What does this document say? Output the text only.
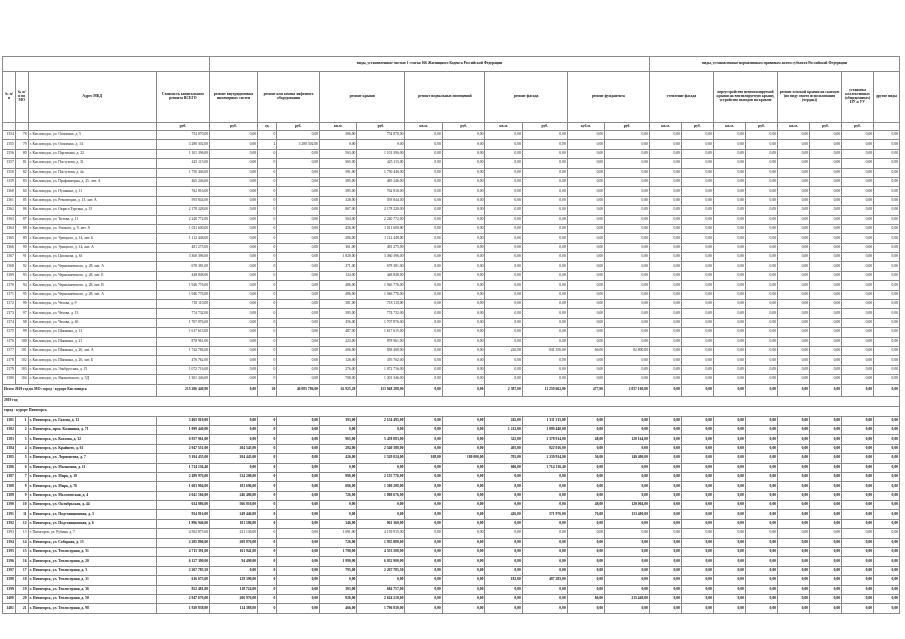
				виды, установленные частью 1 статьи 166 Жилищного Кодекса Российской Федерации											виды, установленные нормативным правовым актом субъекта Российской Федерации							
№ п/п	№ п/п по МО	Адрес МКД	Стоимость капитального ремонта ВСЕГО	ремонт внутридомовых инженерных систем	ремонт или замена лифтового оборудования		ремонт крыши		ремонт подвальных помещений		ремонт фасада		ремонт фундамента		утепление фасада		переустройство невентилируемой крыши на вентилируемую крышу, устройство выходов на кровлю		ремонт плоской крыши на скатную (по виду своего использования (чердак))		установка коллективных (общедомовых) ПУ и УУ	другие виды
			руб.	руб.	ед.	руб.	кв.м.	руб.	кв.м.	руб.	кв.м.	руб.	куб.м.	руб.	кв.м.	руб.	кв.м.	руб.	кв.м.	руб.	руб.	
1354	78	г. Кисловодск, ул. Осипенко, д. 5	754 870,00	0,00	0	0,00	386,00	754 870,00	0,00	0,00	0,00	0,00	0,00	0,00	0,00	0,00	0,00	0,00	0,00	0,00	0,00	0,00
1355	79	г. Кисловодск, ул. Осипенко, д. 14	3 280 302,00	0,00	2	3 280 302,00	0,00	0,00	0,00	0,00	0,00	0,00	0,00	0,00	0,00	0,00	0,00	0,00	0,00	0,00	0,00	0,00
1356	80	г. Кисловодск, ул. Партизана, д. 22	1 101 396,00	0,00	0	0,00	563,00	1 101 396,00	0,00	0,00	0,00	0,00	0,00	0,00	0,00	0,00	0,00	0,00	0,00	0,00	0,00	0,00
1357	81	г. Кисловодск, ул. Пастухова, д. 31	425 115,00	0,00	0	0,00	365,00	425 115,00	0,00	0,00	0,00	0,00	0,00	0,00	0,00	0,00	0,00	0,00	0,00	0,00	0,00	0,00
1358	82	г. Кисловодск, ул. Пастухова, д. 4а	1 750 446,00	0,00	0	0,00	591,00	1 750 446,00	0,00	0,00	0,00	0,00	0,00	0,00	0,00	0,00	0,00	0,00	0,00	0,00	0,00	0,00
1359	83	г. Кисловодск, ул. Профинтерна, д. 25, лит. А	465 246,00	0,00	0	0,00	385,00	465 246,00	0,00	0,00	0,00	0,00	0,00	0,00	0,00	0,00	0,00	0,00	0,00	0,00	0,00	0,00
1360	84	г. Кисловодск, ул. Пушкина, д. 11	762 816,00	0,00	0	0,00	385,00	762 816,00	0,00	0,00	0,00	0,00	0,00	0,00	0,00	0,00	0,00	0,00	0,00	0,00	0,00	0,00
1361	85	г. Кисловодск, ул. Революции, д. 13, лит. А	593 844,00	0,00	0	0,00	328,00	593 844,00	0,00	0,00	0,00	0,00	0,00	0,00	0,00	0,00	0,00	0,00	0,00	0,00	0,00	0,00
1362	86	г. Кисловодск, ул. Окраса Тургана, д. 15	2 178 228,00	0,00	0	0,00	867,00	2 178 228,00	0,00	0,00	0,00	0,00	0,00	0,00	0,00	0,00	0,00	0,00	0,00	0,00	0,00	0,00
1363	87	г. Кисловодск, ул. Титова, д. 11	2 240 772,00	0,00	0	0,00	564,00	2 240 772,00	0,00	0,00	0,00	0,00	0,00	0,00	0,00	0,00	0,00	0,00	0,00	0,00	0,00	0,00
1364	88	г. Кисловодск, ул. Умского, д. 9, лит. А	1 011 600,00	0,00	0	0,00	456,00	1 011 600,00	0,00	0,00	0,00	0,00	0,00	0,00	0,00	0,00	0,00	0,00	0,00	0,00	0,00	0,00
1365	89	г. Кисловодск, ул. Урицкого, д. 14, лит. Б	1 112 448,00	0,00	0	0,00	286,00	1 112 448,00	0,00	0,00	0,00	0,00	0,00	0,00	0,00	0,00	0,00	0,00	0,00	0,00	0,00	0,00
1366	90	г. Кисловодск, ул. Урицкого, д. 14, лит. А	481 275,00	0,00	0	0,00	361,00	481 275,00	0,00	0,00	0,00	0,00	0,00	0,00	0,00	0,00	0,00	0,00	0,00	0,00	0,00	0,00
1367	91	г. Кисловодск, ул. Циолкова, д. 61	3 360 396,00	0,00	0	0,00	1 828,00	3 360 396,00	0,00	0,00	0,00	0,00	0,00	0,00	0,00	0,00	0,00	0,00	0,00	0,00	0,00	0,00
1368	92	г. Кисловодск, ул. Чернышевского, д. 28, лит. А	678 381,00	0,00	0	0,00	271,00	678 381,00	0,00	0,00	0,00	0,00	0,00	0,00	0,00	0,00	0,00	0,00	0,00	0,00	0,00	0,00
1369	93	г. Кисловодск, ул. Чернышевского, д. 28, лит. Е	448 848,00	0,00	0	0,00	124,00	448 848,00	0,00	0,00	0,00	0,00	0,00	0,00	0,00	0,00	0,00	0,00	0,00	0,00	0,00	0,00
1370	94	г. Кисловодск, ул. Чернышевского, д. 28, лит. В	1 946 776,00	0,00	0	0,00	486,00	1 946 776,00	0,00	0,00	0,00	0,00	0,00	0,00	0,00	0,00	0,00	0,00	0,00	0,00	0,00	0,00
1371	95	г. Кисловодск, ул. Чернышевского, д. 28, лит. А	1 946 776,00	0,00	0	0,00	486,00	1 946 776,00	0,00	0,00	0,00	0,00	0,00	0,00	0,00	0,00	0,00	0,00	0,00	0,00	0,00	0,00
1372	96	г. Кисловодск, ул. Чехова, д. 9	718 110,00	0,00	0	0,00	381,00	718 110,00	0,00	0,00	0,00	0,00	0,00	0,00	0,00	0,00	0,00	0,00	0,00	0,00	0,00	0,00
1373	97	г. Кисловодск, ул. Чехова, д. 13	774 732,00	0,00	0	0,00	395,00	774 732,00	0,00	0,00	0,00	0,00	0,00	0,00	0,00	0,00	0,00	0,00	0,00	0,00	0,00	0,00
1374	98	г. Кисловодск, ул. Чехова, д. 46	1 707 876,00	0,00	0	0,00	456,00	1 707 876,00	0,00	0,00	0,00	0,00	0,00	0,00	0,00	0,00	0,00	0,00	0,00	0,00	0,00	0,00
1375	99	г. Кисловодск, ул. Шапкина, д. 13	1 617 615,00	0,00	0	0,00	487,00	1 617 615,00	0,00	0,00	0,00	0,00	0,00	0,00	0,00	0,00	0,00	0,00	0,00	0,00	0,00	0,00
1376	100	г. Кисловодск, ул. Шапкина, д. 21	878 961,00	0,00	0	0,00	223,00	878 961,00	0,00	0,00	0,00	0,00	0,00	0,00	0,00	0,00	0,00	0,00	0,00	0,00	0,00	0,00
1377	101	г. Кисловодск, ул. Шапкина, д. 26, лит. А	1 742 784,00	0,00	0	0,00	206,00	858 408,00	0,00	0,00	226,00	841 356,00	66,00	82 800,00	0,00	0,00	0,00	0,00	0,00	0,00	0,00	0,00
1378	102	г. Кисловодск, ул. Шапкина, д. 26, лит. Б	476 762,00	0,00	0	0,00	126,00	476 762,00	0,00	0,00	0,00	0,00	0,00	0,00	0,00	0,00	0,00	0,00	0,00	0,00	0,00	0,00
1379	103	г. Кисловодск, ул. Эльбрусская, д. 15	1 072 716,00	0,00	0	0,00	276,00	1 072 716,00	0,00	0,00	0,00	0,00	0,00	0,00	0,00	0,00	0,00	0,00	0,00	0,00	0,00	0,00
1380	104	г. Кисловодск, ул. Яношевского, д. 5Д	1 301 346,00	0,00	0	0,00	708,00	1 301 346,00	0,00	0,00	0,00	0,00	0,00	0,00	0,00	0,00	0,00	0,00	0,00	0,00	0,00	0,00
Итого 2019 год по МО: город - курорт Кисловодск			215 286 440,90	0,00	20	46 085 786,00	62 925,28	153 948 288,90	0,00	0,00	2 387,00	11 259 662,00	477,00	2 057 160,00	0,00	0,00	0,00	0,00	0,00	0,00	0,00	0,00
2019 год																						
город - курорт Пятигорск																						
1381	1	г. Пятигорск, ул. Галена, д. 12	3 465 810,00	0,00	0	0,00	393,00	2 154 495,00	0,00	0,00	245,00	1 311 315,00	0,00	0,00	0,00	0,00	0,00	0,00	0,00	0,00	0,00	0,00
1382	2	г. Пятигорск, прсп. Калинина, д. 71	1 099 440,00	0,00	0	0,00	0,00	0,00	0,00	0,00	1 212,00	1 099 440,00	0,00	0,00	0,00	0,00	0,00	0,00	0,00	0,00	0,00	0,00
1383	3	г. Пятигорск, ул. Козлова, д. 32	6 957 961,00	0,00	0	0,00	965,00	5 458 883,00	0,00	0,00	325,00	1 378 914,00	48,00	120 164,00	0,00	0,00	0,00	0,00	0,00	0,00	0,00	0,00
1384	4	г. Пятигорск, ул. Крайнего, д. 61	2 947 551,00	204 545,00	0	0,00	284,00	2 540 388,00	0,00	0,00	405,00	822 016,00	0,00	0,00	0,00	0,00	0,00	0,00	0,00	0,00	0,00	0,00
1385	5	г. Пятигорск, ул. Лермонтова, д. 7	3 104 435,00	204 445,00	0	0,00	426,00	1 529 824,00	108,00	180 000,00	705,00	1 239 934,00	56,00	140 400,00	0,00	0,00	0,00	0,00	0,00	0,00	0,00	0,00
1386	6	г. Пятигорск, ул. Малыгина, д. 11	1 714 136,40	0,00	0	0,00	0,00	0,00	0,00	0,00	606,00	1 714 136,40	0,00	0,00	0,00	0,00	0,00	0,00	0,00	0,00	0,00	0,00
1387	7	г. Пятигорск, ул. Мира, д. 10	2 489 976,00	334 200,00	0	0,00	996,00	2 155 776,00	0,00	0,00	0,00	0,00	0,00	0,00	0,00	0,00	0,00	0,00	0,00	0,00	0,00	0,00
1388	8	г. Пятигорск, ул. Мира, д. 76	1 603 904,00	103 696,00	0	0,00	686,00	1 500 208,00	0,00	0,00	0,00	0,00	0,00	0,00	0,00	0,00	0,00	0,00	0,00	0,00	0,00	0,00
1389	9	г. Пятигорск, ул. Моллоевская, д. 4	2 041 166,00	246 486,00	0	0,00	726,00	1 800 676,00	0,00	0,00	0,00	0,00	0,00	0,00	0,00	0,00	0,00	0,00	0,00	0,00	0,00	0,00
1390	10	г. Пятигорск, ул. Октябрьская, д. 44	634 886,00	566 816,00	0	0,00	0,00	0,00	0,00	0,00	0,00	0,00	48,00	120 004,00	0,00	0,00	0,00	0,00	0,00	0,00	0,00	0,00
1391	11	г. Пятигорск, ул. Подстанционная, д. 3	954 816,00	249 446,00	0	0,00	0,00	0,00	0,00	0,00	426,00	571 976,00	76,00	133 400,00	0,00	0,00	0,00	0,00	0,00	0,00	0,00	0,00
1392	12	г. Пятигорск, ул. Подстанционная, д. 6	1 896 946,00	101 586,00	0	0,00	346,00	961 360,00	0,00	0,00	0,00	0,00	0,00	0,00	0,00	0,00	0,00	0,00	0,00	0,00	0,00	0,00
1393	13	г. Пятигорск, ул. Рубина, д. 7	4 502 875,00	231 136,00	0	0,00	1 691,00	4 159 915,00	0,00	0,00	0,00	0,00	0,00	0,00	0,00	0,00	0,00	0,00	0,00	0,00	0,00	0,00
1394	14	г. Пятигорск, ул. Соборная, д. 13	2 205 806,00	269 876,00	0	0,00	726,00	1 935 880,00	0,00	0,00	0,00	0,00	0,00	0,00	0,00	0,00	0,00	0,00	0,00	0,00	0,00	0,00
1395	15	г. Пятигорск, ул. Теплосерная, д. 31	4 715 391,00	161 941,00	0	0,00	1 790,00	4 553 500,00	0,00	0,00	0,00	0,00	0,00	0,00	0,00	0,00	0,00	0,00	0,00	0,00	0,00	0,00
1396	16	г. Пятигорск, ул. Теплосерная, д. 20	6 127 390,00	94 490,00	0	0,00	1 990,00	6 032 900,00	0,00	0,00	0,00	0,00	0,00	0,00	0,00	0,00	0,00	0,00	0,00	0,00	0,00	0,00
1397	17	г. Пятигорск, ул. Теплосерная, д. 3	2 267 785,50	0,00	0	0,00	795,00	2 267 785,50	0,00	0,00	0,00	0,00	0,00	0,00	0,00	0,00	0,00	0,00	0,00	0,00	0,00	0,00
1398	18	г. Пятигорск, ул. Теплосерная, д. 31	616 675,00	129 390,00	0	0,00	0,00	0,00	0,00	0,00	182,00	487 285,00	0,00	0,00	0,00	0,00	0,00	0,00	0,00	0,00	0,00	0,00
1399	19	г. Пятигорск, ул. Теплосерная, д. 36	852 481,00	118 724,00	0	0,00	383,00	684 757,00	0,00	0,00	0,00	0,00	0,00	0,00	0,00	0,00	0,00	0,00	0,00	0,00	0,00	0,00
1400	20	г. Пятигорск, ул. Теплосерная, д. 50	2 947 676,00	206 976,00	0	0,00	926,00	2 624 210,00	0,00	0,00	0,00	0,00	86,00	215 440,00	0,00	0,00	0,00	0,00	0,00	0,00	0,00	0,00
1401	21	г. Пятигорск, ул. Теплосерная, д. 98	1 920 838,00	114 388,00	0	0,00	466,00	1 796 830,00	0,00	0,00	0,00	0,00	0,00	0,00	0,00	0,00	0,00	0,00	0,00	0,00	0,00	0,00
